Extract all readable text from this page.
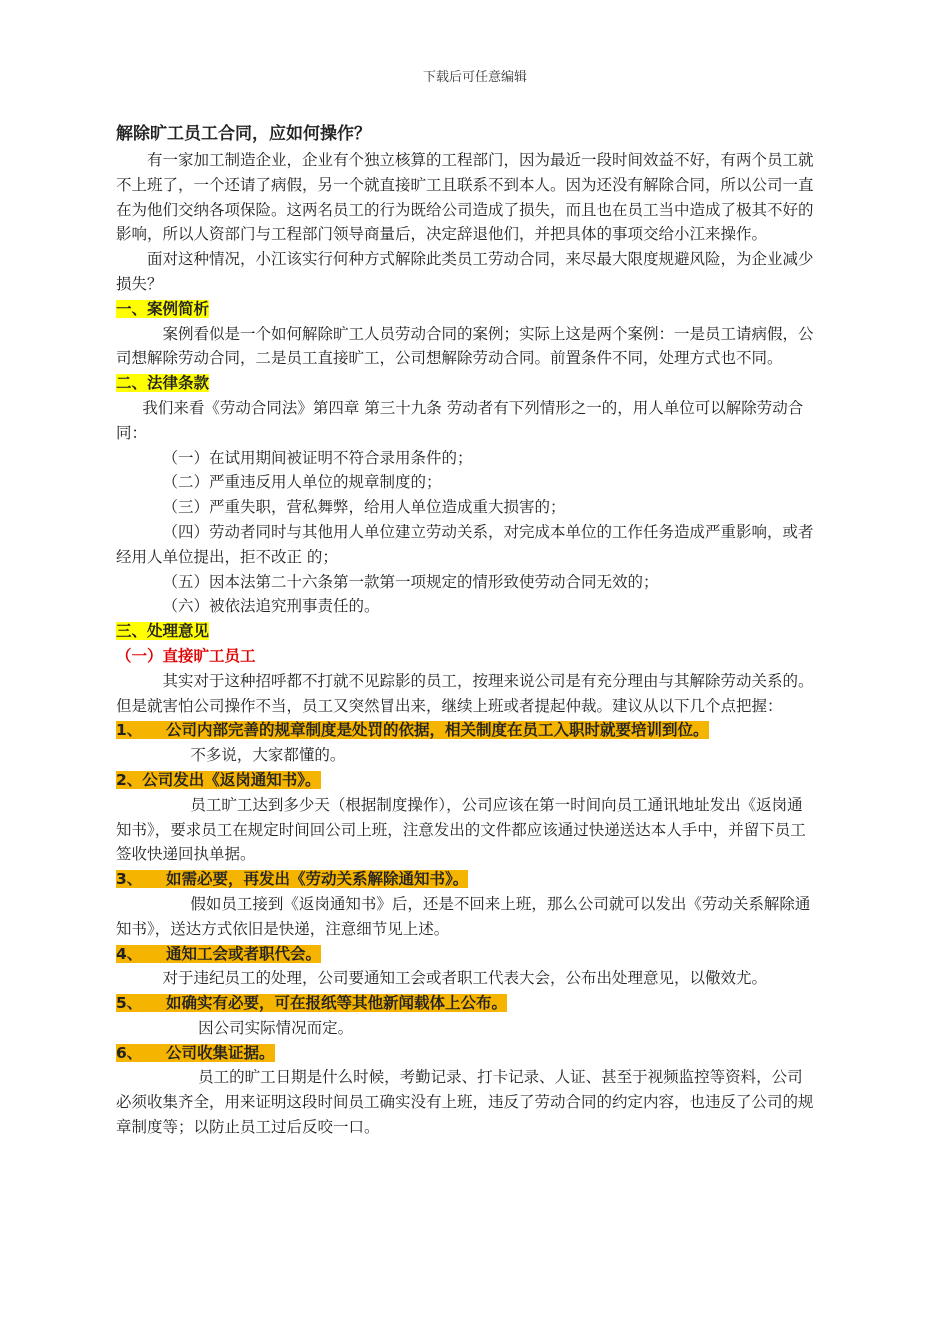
下载后可任意编辑
解除旷工员工合同，应如何操作？

有一家加工制造企业，企业有个独立核算的工程部门，因为最近一段时间效益不好，有两个员工就不上班了，一个还请了病假，另一个就直接旷工且联系不到本人。因为还没有解除合同，所以公司一直在为他们交纳各项保险。这两名员工的行为既给公司造成了损失，而且也在员工当中造成了极其不好的影响，所以人资部门与工程部门领导商量后，决定辞退他们，并把具体的事项交给小江来操作。

面对这种情况，小江该实行何种方式解除此类员工劳动合同，来尽最大限度规避风险，为企业减少损失？

一、案例简析

案例看似是一个如何解除旷工人员劳动合同的案例；实际上这是两个案例：一是员工请病假，公司想解除劳动合同，二是员工直接旷工，公司想解除劳动合同。前置条件不同，处理方式也不同。

二、法律条款

我们来看《劳动合同法》第四章 第三十九条 劳动者有下列情形之一的，用人单位可以解除劳动合同：

（一）在试用期间被证明不符合录用条件的；

（二）严重违反用人单位的规章制度的；

（三）严重失职，营私舞弊，给用人单位造成重大损害的；

（四）劳动者同时与其他用人单位建立劳动关系，对完成本单位的工作任务造成严重影响，或者经用人单位提出，拒不改正 的；

（五）因本法第二十六条第一款第一项规定的情形致使劳动合同无效的；

（六）被依法追究刑事责任的。

三、处理意见

（一）直接旷工员工

其实对于这种招呼都不打就不见踪影的员工，按理来说公司是有充分理由与其解除劳动关系的。但是就害怕公司操作不当，员工又突然冒出来，继续上班或者提起仲裁。建议从以下几个点把握：

1、 公司内部完善的规章制度是处罚的依据，相关制度在员工入职时就要培训到位。

不多说，大家都懂的。

2、公司发出《返岗通知书》。

员工旷工达到多少天（根据制度操作），公司应该在第一时间向员工通讯地址发出《返岗通知书》，要求员工在规定时间回公司上班，注意发出的文件都应该通过快递送达本人手中，并留下员工签收快递回执单据。

3、 如需必要，再发出《劳动关系解除通知书》。

假如员工接到《返岗通知书》后，还是不回来上班，那么公司就可以发出《劳动关系解除通知书》，送达方式依旧是快递，注意细节见上述。

4、 通知工会或者职代会。

对于违纪员工的处理，公司要通知工会或者职工代表大会，公布出处理意见，以儆效尤。

5、 如确实有必要，可在报纸等其他新闻载体上公布。

因公司实际情况而定。

6、 公司收集证据。

员工的旷工日期是什么时候，考勤记录、打卡记录、人证、甚至于视频监控等资料，公司必须收集齐全，用来证明这段时间员工确实没有上班，违反了劳动合同的约定内容，也违反了公司的规章制度等；以防止员工过后反咬一口。
